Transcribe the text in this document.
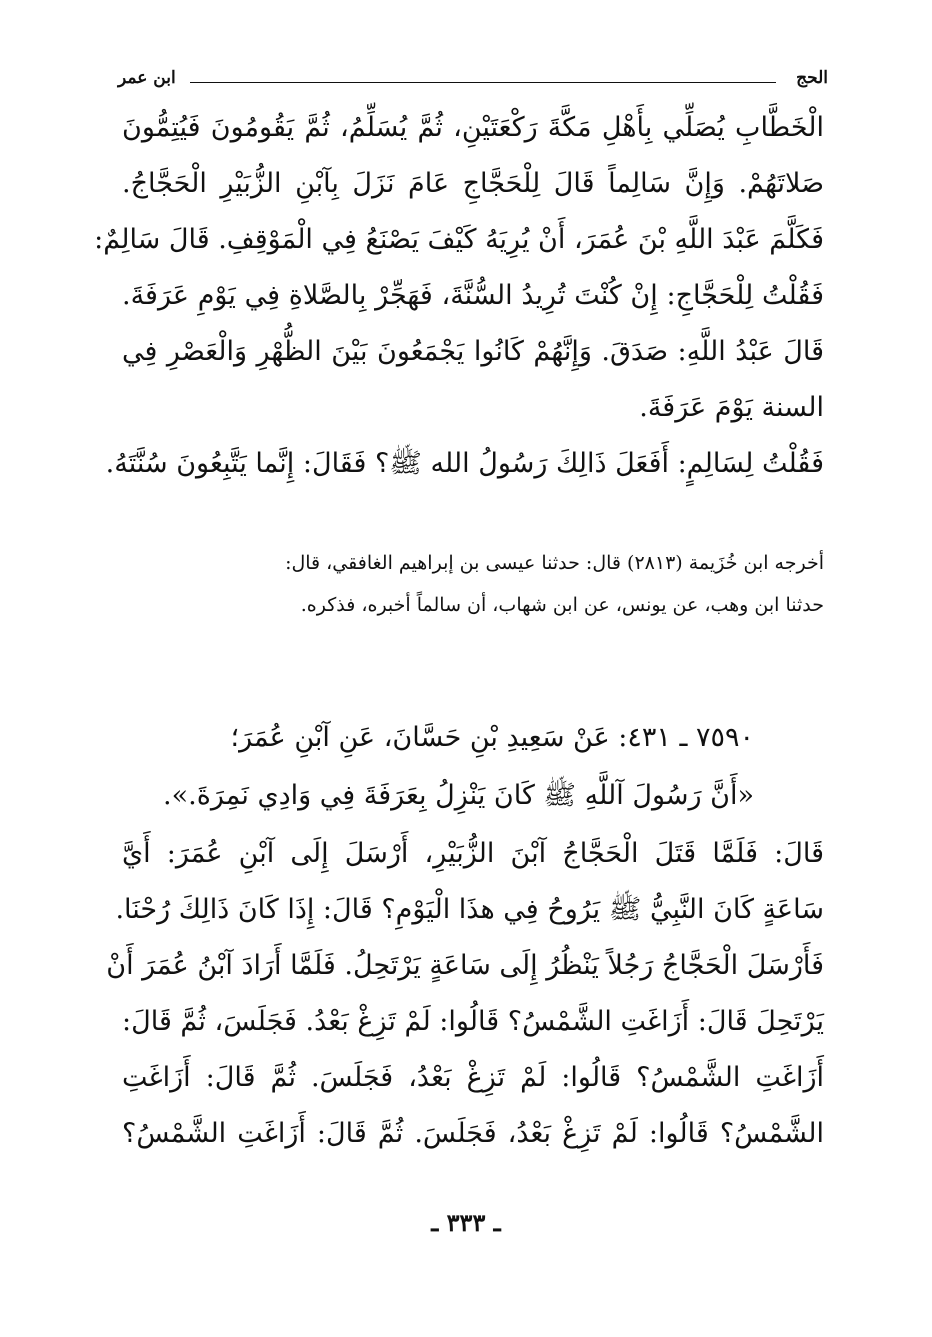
الحج
ابن عمر
الْخَطَّابِ يُصَلِّي بِأَهْلِ مَكَّةَ رَكْعَتَيْنِ، ثُمَّ يُسَلِّمُ، ثُمَّ يَقُومُونَ فَيُتِمُّونَ
صَلاتَهُمْ. وَإِنَّ سَالِماً قَالَ لِلْحَجَّاجِ عَامَ نَزَلَ بِآبْنِ الزُّبَيْرِ الْحَجَّاجُ.
فَكَلَّمَ عَبْدَ اللَّهِ بْنَ عُمَرَ، أَنْ يُرِيَهُ كَيْفَ يَصْنَعُ فِي الْمَوْقِفِ. قَالَ سَالِمٌ:
فَقُلْتُ لِلْحَجَّاجِ: إِنْ كُنْتَ تُرِيدُ السُّنَّةَ، فَهَجِّرْ بِالصَّلاةِ فِي يَوْمِ عَرَفَةَ.
قَالَ عَبْدُ اللَّهِ: صَدَقَ. وَإِنَّهُمْ كَانُوا يَجْمَعُونَ بَيْنَ الظُّهْرِ وَالْعَصْرِ فِي
السنة يَوْمَ عَرَفَةَ.
فَقُلْتُ لِسَالِمٍ: أَفَعَلَ ذَالِكَ رَسُولُ الله ﷺ؟ فَقَالَ: إِنَّما يَتَّبِعُونَ سُنَّتَهُ.
أخرجه ابن خُزَيمة (٢٨١٣) قال: حدثنا عيسى بن إبراهيم الغافقي، قال:
حدثنا ابن وهب، عن يونس، عن ابن شهاب، أن سالماً أخبره، فذكره.
٧٥٩٠ ـ ٤٣١: عَنْ سَعِيدِ بْنِ حَسَّانَ، عَنِ آبْنِ عُمَرَ؛
«أَنَّ رَسُولَ آللَّهِ ﷺ كَانَ يَنْزِلُ بِعَرَفَةَ فِي وَادِي نَمِرَةَ.».
قَالَ: فَلَمَّا قَتَلَ الْحَجَّاجُ آبْنَ الزُّبَيْرِ، أَرْسَلَ إِلَى آبْنِ عُمَرَ: أَيَّ
سَاعَةٍ كَانَ النَّبِيُّ ﷺ يَرُوحُ فِي هذَا الْيَوْمِ؟ قَالَ: إِذَا كَانَ ذَالِكَ رُحْنَا.
فَأَرْسَلَ الْحَجَّاجُ رَجُلاً يَنْظُرُ إِلَى سَاعَةٍ يَرْتَحِلُ. فَلَمَّا أَرَادَ آبْنُ عُمَرَ أَنْ
يَرْتَحِلَ قَالَ: أَزَاغَتِ الشَّمْسُ؟ قَالُوا: لَمْ تَزِغْ بَعْدُ. فَجَلَسَ، ثُمَّ قَالَ:
أَزَاغَتِ الشَّمْسُ؟ قَالُوا: لَمْ تَزِغْ بَعْدُ، فَجَلَسَ. ثُمَّ قَالَ: أَزَاغَتِ
الشَّمْسُ؟ قَالُوا: لَمْ تَزِغْ بَعْدُ، فَجَلَسَ. ثُمَّ قَالَ: أَزَاغَتِ الشَّمْسُ؟
ـ ٣٣٣ ـ
